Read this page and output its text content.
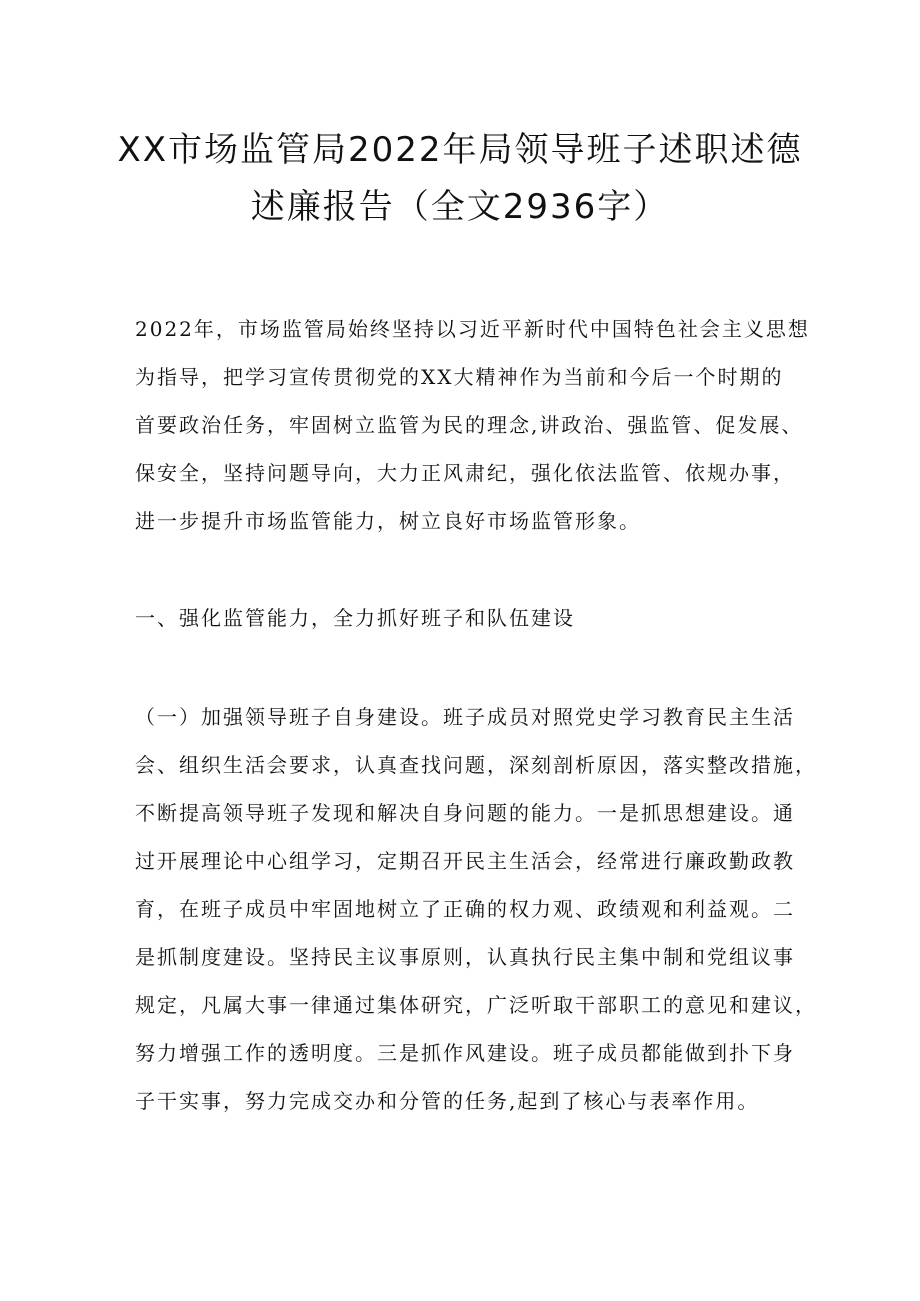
XX市场监管局2022年局领导班子述职述德
述廉报告（全文2936字）
2022年，市场监管局始终坚持以习近平新时代中国特色社会主义思想
为指导，把学习宣传贯彻党的XX大精神作为当前和今后一个时期的
首要政治任务，牢固树立监管为民的理念,讲政治、强监管、促发展、
保安全，坚持问题导向，大力正风肃纪，强化依法监管、依规办事，
进一步提升市场监管能力，树立良好市场监管形象。
一、强化监管能力，全力抓好班子和队伍建设
（一）加强领导班子自身建设。班子成员对照党史学习教育民主生活
会、组织生活会要求，认真查找问题，深刻剖析原因，落实整改措施，
不断提高领导班子发现和解决自身问题的能力。一是抓思想建设。通
过开展理论中心组学习，定期召开民主生活会，经常进行廉政勤政教
育，在班子成员中牢固地树立了正确的权力观、政绩观和利益观。二
是抓制度建设。坚持民主议事原则，认真执行民主集中制和党组议事
规定，凡属大事一律通过集体研究，广泛听取干部职工的意见和建议，
努力增强工作的透明度。三是抓作风建设。班子成员都能做到扑下身
子干实事，努力完成交办和分管的任务,起到了核心与表率作用。
